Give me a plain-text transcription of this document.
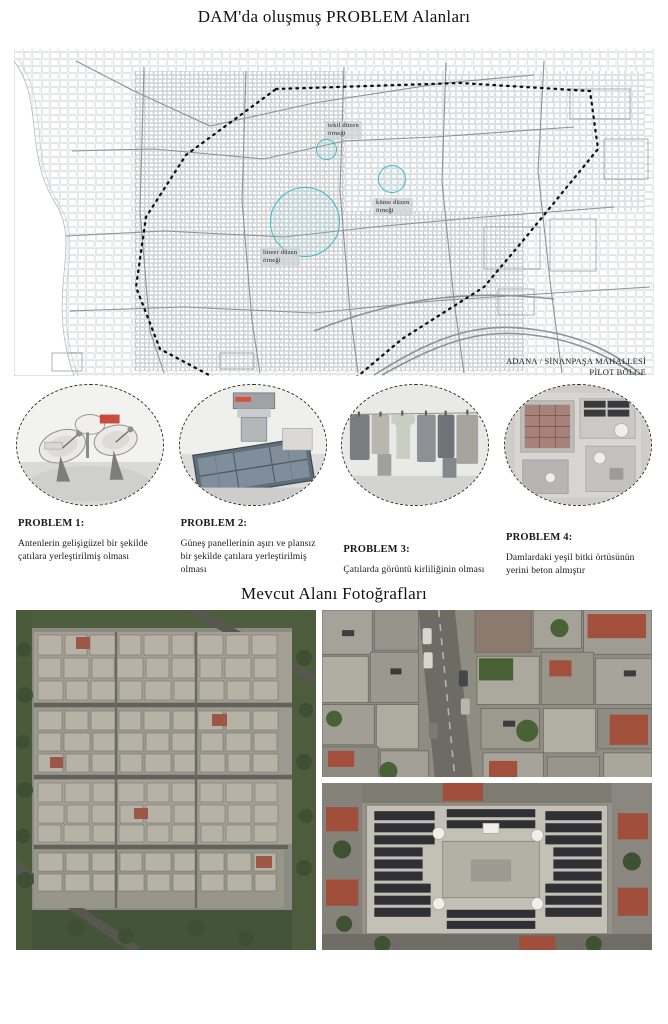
DAM'da oluşmuş PROBLEM Alanları
tekil düzen
örneği
küme düzen
örneği
lineer düzen
örneği
ADANA / SİNANPAŞA MAHALLESİ
PİLOT BÖLGE
PROBLEM 1:
Antenlerin gelişigüzel bir şekilde çatılara yerleştirilmiş olması
PROBLEM 2:
Güneş panellerinin aşırı ve plansız bir şekilde çatılara yerleştirilmiş olması
PROBLEM 3:
Çatılarda görüntü kirliliğinin olması
PROBLEM 4:
Damlardaki yeşil bitki örtüsünün yerini beton almıştır
Mevcut Alanı Fotoğrafları
